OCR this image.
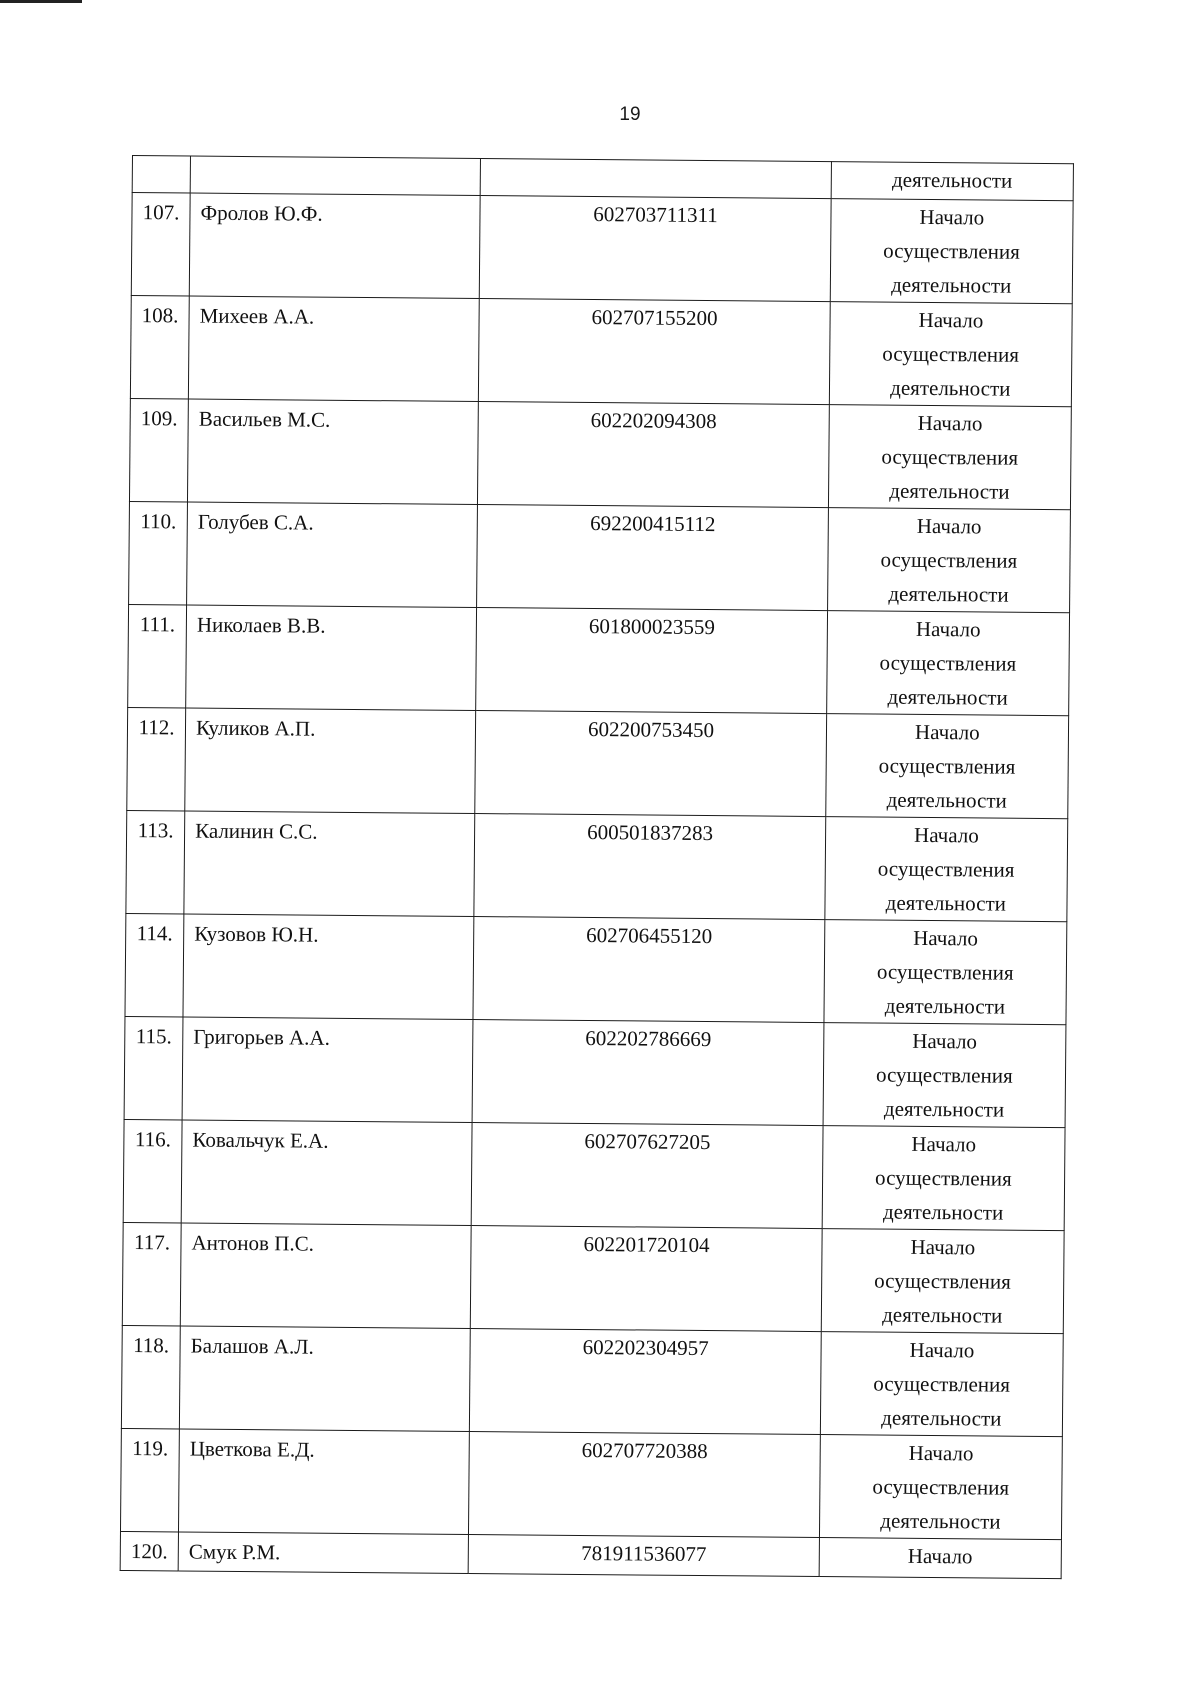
19
			деятельности
107.	Фролов Ю.Ф.	602703711311	Начало
осуществления
деятельности

108.	Михеев А.А.	602707155200	Начало
осуществления
деятельности

109.	Васильев М.С.	602202094308	Начало
осуществления
деятельности

110.	Голубев С.А.	692200415112	Начало
осуществления
деятельности

111.	Николаев В.В.	601800023559	Начало
осуществления
деятельности

112.	Куликов А.П.	602200753450	Начало
осуществления
деятельности

113.	Калинин С.С.	600501837283	Начало
осуществления
деятельности

114.	Кузовов Ю.Н.	602706455120	Начало
осуществления
деятельности

115.	Григорьев А.А.	602202786669	Начало
осуществления
деятельности

116.	Ковальчук Е.А.	602707627205	Начало
осуществления
деятельности

117.	Антонов П.С.	602201720104	Начало
осуществления
деятельности

118.	Балашов А.Л.	602202304957	Начало
осуществления
деятельности

119.	Цветкова Е.Д.	602707720388	Начало
осуществления
деятельности

120.	Смук Р.М.	781911536077	Начало
